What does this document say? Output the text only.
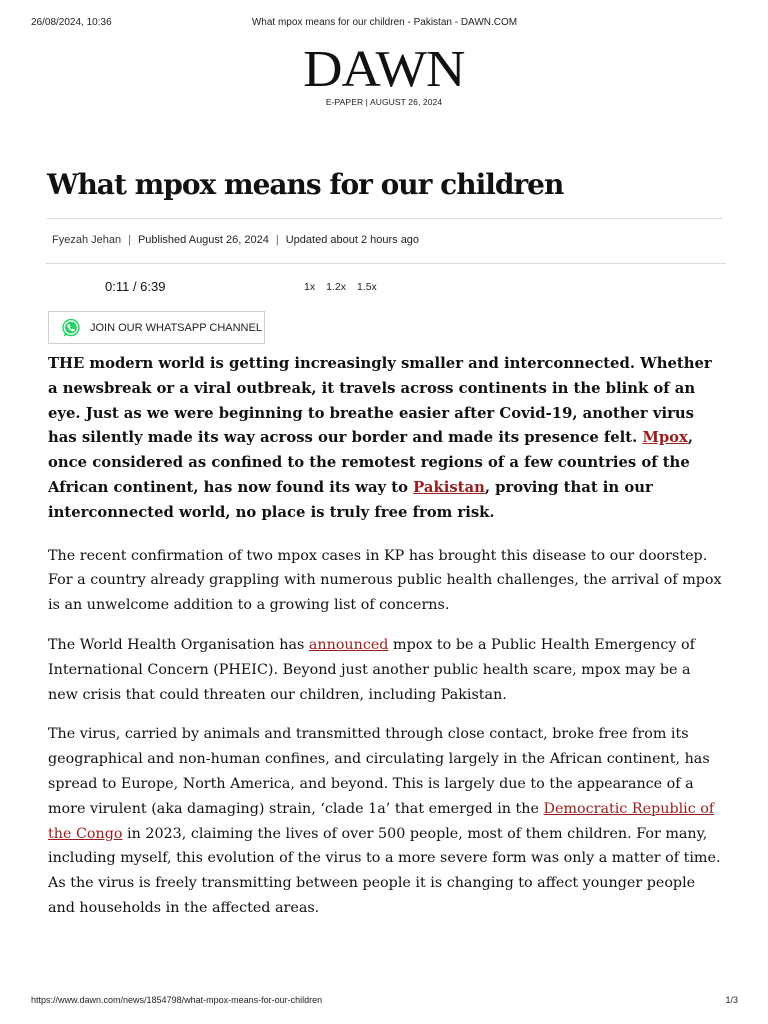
26/08/2024, 10:36	What mpox means for our children - Pakistan - DAWN.COM
DAWN
E-PAPER | AUGUST 26, 2024
What mpox means for our children
Fyezah Jehan | Published August 26, 2024 | Updated about 2 hours ago
0:11 / 6:39	1x 1.2x 1.5x
JOIN OUR WHATSAPP CHANNEL

THE modern world is getting increasingly smaller and interconnected. Whether a newsbreak or a viral outbreak, it travels across continents in the blink of an eye. Just as we were beginning to breathe easier after Covid-19, another virus has silently made its way across our border and made its presence felt. Mpox, once considered as confined to the remotest regions of a few countries of the African continent, has now found its way to Pakistan, proving that in our interconnected world, no place is truly free from risk.

The recent confirmation of two mpox cases in KP has brought this disease to our doorstep. For a country already grappling with numerous public health challenges, the arrival of mpox is an unwelcome addition to a growing list of concerns.

The World Health Organisation has announced mpox to be a Public Health Emergency of International Concern (PHEIC). Beyond just another public health scare, mpox may be a new crisis that could threaten our children, including Pakistan.

The virus, carried by animals and transmitted through close contact, broke free from its geographical and non-human confines, and circulating largely in the African continent, has spread to Europe, North America, and beyond. This is largely due to the appearance of a more virulent (aka damaging) strain, ‘clade 1a’ that emerged in the Democratic Republic of the Congo in 2023, claiming the lives of over 500 people, most of them children. For many, including myself, this evolution of the virus to a more severe form was only a matter of time. As the virus is freely transmitting between people it is changing to affect younger people and households in the affected areas.

https://www.dawn.com/news/1854798/what-mpox-means-for-our-children	1/3
